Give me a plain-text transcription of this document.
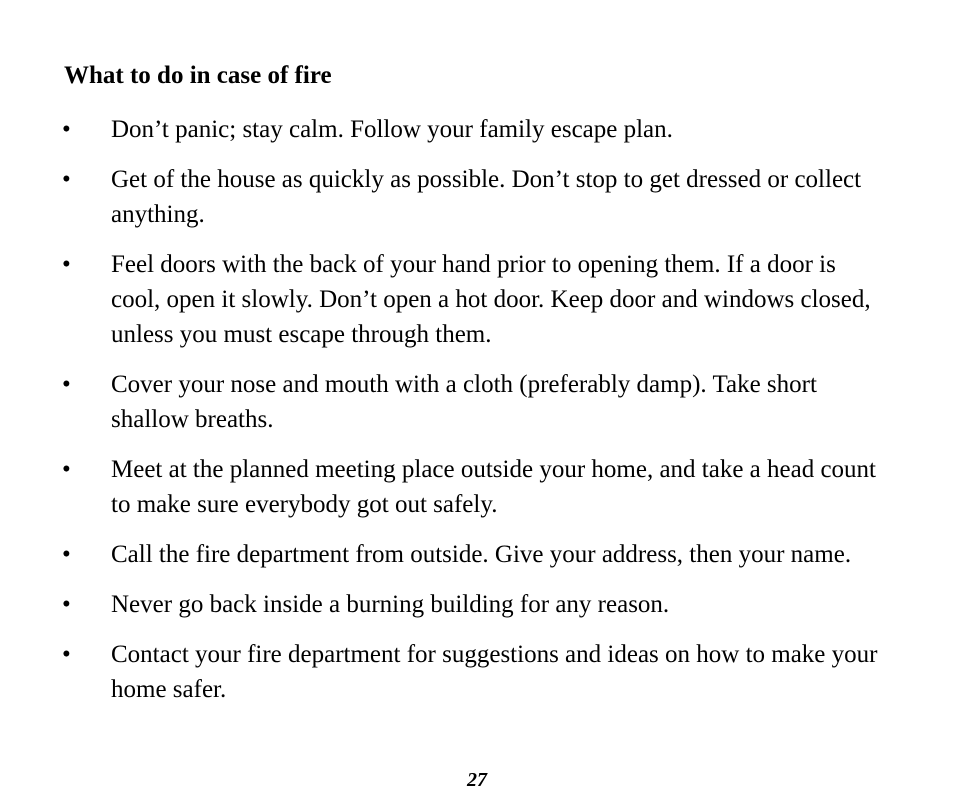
What to do in case of fire
• Don’t panic; stay calm. Follow your family escape plan.
• Get of the house as quickly as possible. Don’t stop to get dressed or collect anything.
• Feel doors with the back of your hand prior to opening them. If a door is cool, open it slowly. Don’t open a hot door. Keep door and windows closed, unless you must escape through them.
• Cover your nose and mouth with a cloth (preferably damp). Take short shallow breaths.
• Meet at the planned meeting place outside your home, and take a head count to make sure everybody got out safely.
• Call the fire department from outside. Give your address, then your name.
• Never go back inside a burning building for any reason.
• Contact your fire department for suggestions and ideas on how to make your home safer.
27
